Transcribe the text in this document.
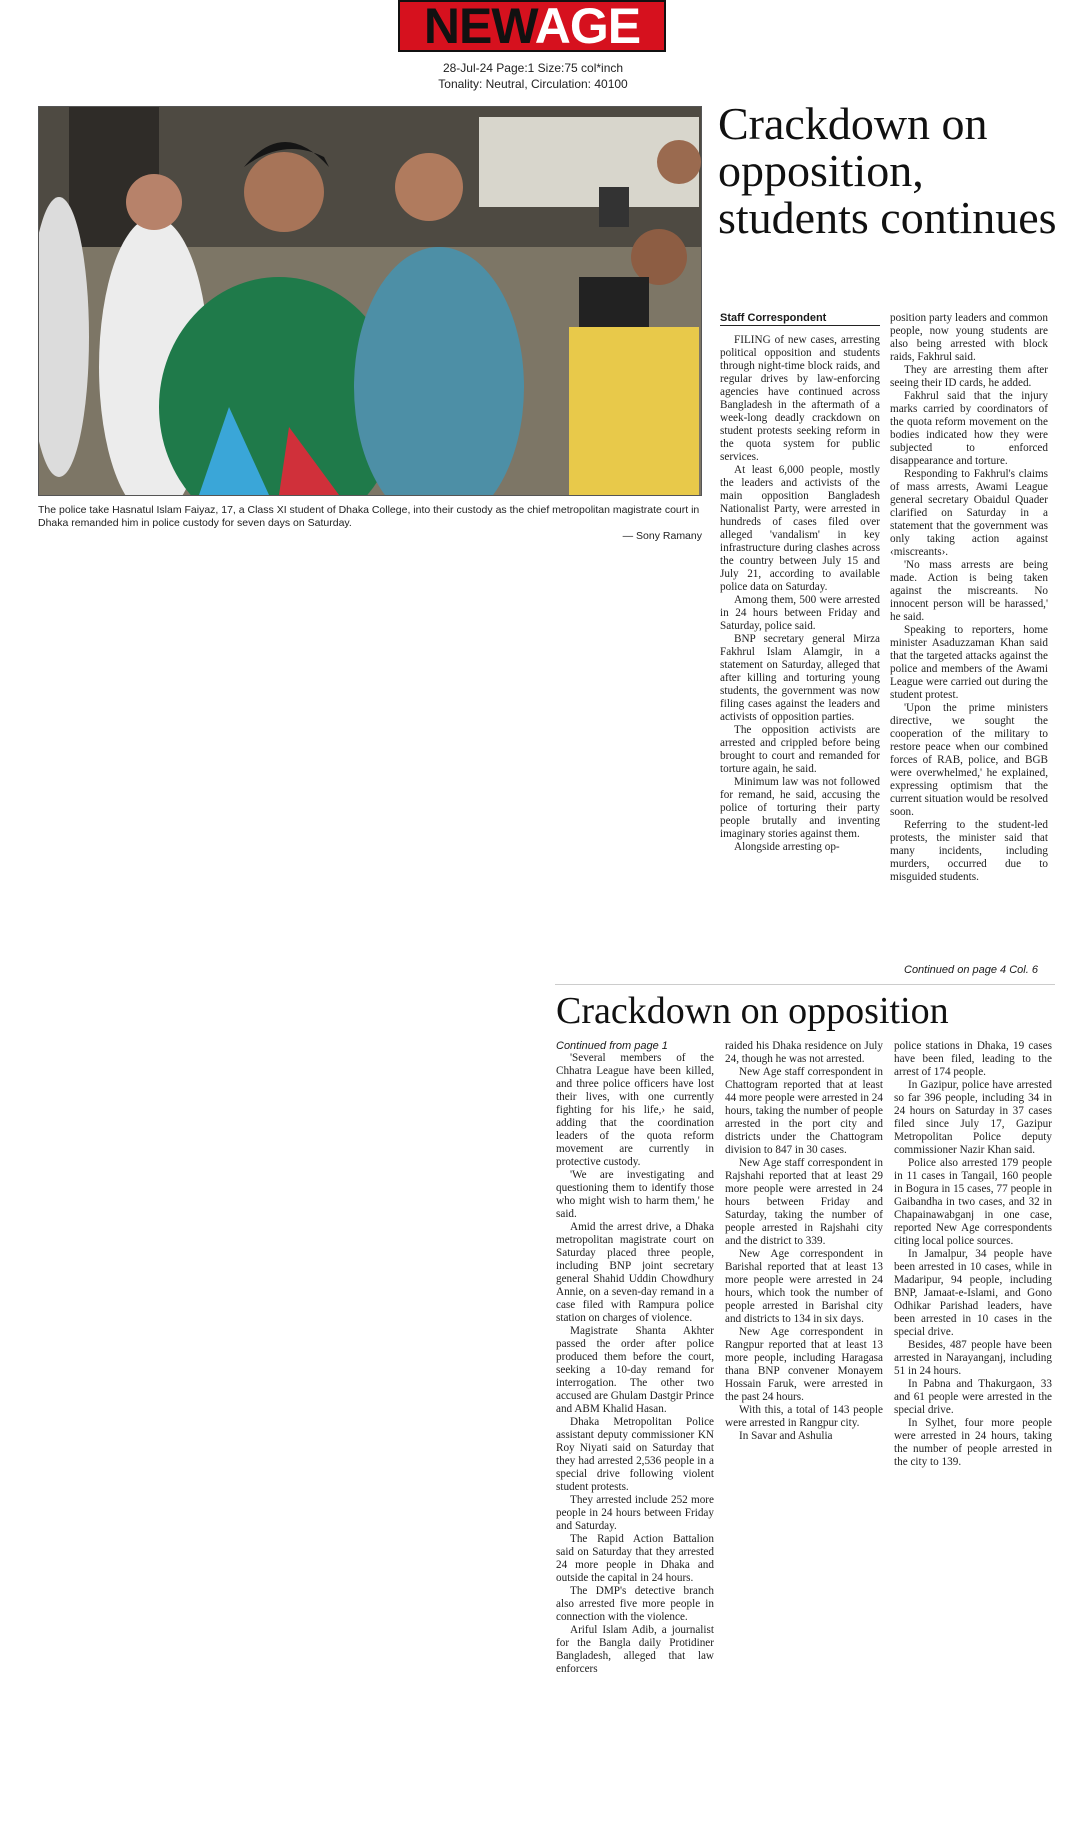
NEWAGE
28-Jul-24 Page:1 Size:75 col*inch
Tonality: Neutral, Circulation: 40100
The police take Hasnatul Islam Faiyaz, 17, a Class XI student of Dhaka College, into their custody as the chief metropolitan magistrate court in Dhaka remanded him in police custody for seven days on Saturday.
— Sony Ramany
Crackdown on opposition, students continues
Staff Correspondent

FILING of new cases, arresting political opposition and students through night-time block raids, and regular drives by law-enforcing agencies have continued across Bangladesh in the aftermath of a week-long deadly crackdown on student protests seeking reform in the quota system for public services.

At least 6,000 people, mostly the leaders and activists of the main opposition Bangladesh Nationalist Party, were arrested in hundreds of cases filed over alleged 'vandalism' in key infrastructure during clashes across the country between July 15 and July 21, according to available police data on Saturday.

Among them, 500 were arrested in 24 hours between Friday and Saturday, police said.

BNP secretary general Mirza Fakhrul Islam Alamgir, in a statement on Saturday, alleged that after killing and torturing young students, the government was now filing cases against the leaders and activists of opposition parties.

The opposition activists are arrested and crippled before being brought to court and remanded for torture again, he said.

Minimum law was not followed for remand, he said, accusing the police of torturing their party people brutally and inventing imaginary stories against them.

Alongside arresting op-

position party leaders and common people, now young students are also being arrested with block raids, Fakhrul said.

They are arresting them after seeing their ID cards, he added.

Fakhrul said that the injury marks carried by coordinators of the quota reform movement on the bodies indicated how they were subjected to enforced disappearance and torture.

Responding to Fakhrul's claims of mass arrests, Awami League general secretary Obaidul Quader clarified on Saturday in a statement that the government was only taking action against ‹miscreants›.

'No mass arrests are being made. Action is being taken against the miscreants. No innocent person will be harassed,' he said.

Speaking to reporters, home minister Asaduzzaman Khan said that the targeted attacks against the police and members of the Awami League were carried out during the student protest.

'Upon the prime ministers directive, we sought the cooperation of the military to restore peace when our combined forces of RAB, police, and BGB were overwhelmed,' he explained, expressing optimism that the current situation would be resolved soon.

Referring to the student-led protests, the minister said that many incidents, including murders, occurred due to misguided students.

Continued on page 4 Col. 6
Crackdown on opposition
Continued from page 1

'Several members of the Chhatra League have been killed, and three police officers have lost their lives, with one currently fighting for his life,› he said, adding that the coordination leaders of the quota reform movement are currently in protective custody.

'We are investigating and questioning them to identify those who might wish to harm them,' he said.

Amid the arrest drive, a Dhaka metropolitan magistrate court on Saturday placed three people, including BNP joint secretary general Shahid Uddin Chowdhury Annie, on a seven-day remand in a case filed with Rampura police station on charges of violence.

Magistrate Shanta Akhter passed the order after police produced them before the court, seeking a 10-day remand for interrogation. The other two accused are Ghulam Dastgir Prince and ABM Khalid Hasan.

Dhaka Metropolitan Police assistant deputy commissioner KN Roy Niyati said on Saturday that they had arrested 2,536 people in a special drive following violent student protests.

They arrested include 252 more people in 24 hours between Friday and Saturday.

The Rapid Action Battalion said on Saturday that they arrested 24 more people in Dhaka and outside the capital in 24 hours.

The DMP's detective branch also arrested five more people in connection with the violence.

Ariful Islam Adib, a journalist for the Bangla daily Protidiner Bangladesh, alleged that law enforcers

raided his Dhaka residence on July 24, though he was not arrested.

New Age staff correspondent in Chattogram reported that at least 44 more people were arrested in 24 hours, taking the number of people arrested in the port city and districts under the Chattogram division to 847 in 30 cases.

New Age staff correspondent in Rajshahi reported that at least 29 more people were arrested in 24 hours between Friday and Saturday, taking the number of people arrested in Rajshahi city and the district to 339.

New Age correspondent in Barishal reported that at least 13 more people were arrested in 24 hours, which took the number of people arrested in Barishal city and districts to 134 in six days.

New Age correspondent in Rangpur reported that at least 13 more people, including Haragasa thana BNP convener Monayem Hossain Faruk, were arrested in the past 24 hours.

With this, a total of 143 people were arrested in Rangpur city.

In Savar and Ashulia

police stations in Dhaka, 19 cases have been filed, leading to the arrest of 174 people.

In Gazipur, police have arrested so far 396 people, including 34 in 24 hours on Saturday in 37 cases filed since July 17, Gazipur Metropolitan Police deputy commissioner Nazir Khan said.

Police also arrested 179 people in 11 cases in Tangail, 160 people in Bogura in 15 cases, 77 people in Gaibandha in two cases, and 32 in Chapainawabganj in one case, reported New Age correspondents citing local police sources.

In Jamalpur, 34 people have been arrested in 10 cases, while in Madaripur, 94 people, including BNP, Jamaat-e-Islami, and Gono Odhikar Parishad leaders, have been arrested in 10 cases in the special drive.

Besides, 487 people have been arrested in Narayanganj, including 51 in 24 hours.

In Pabna and Thakurgaon, 33 and 61 people were arrested in the special drive.

In Sylhet, four more people were arrested in 24 hours, taking the number of people arrested in the city to 139.
